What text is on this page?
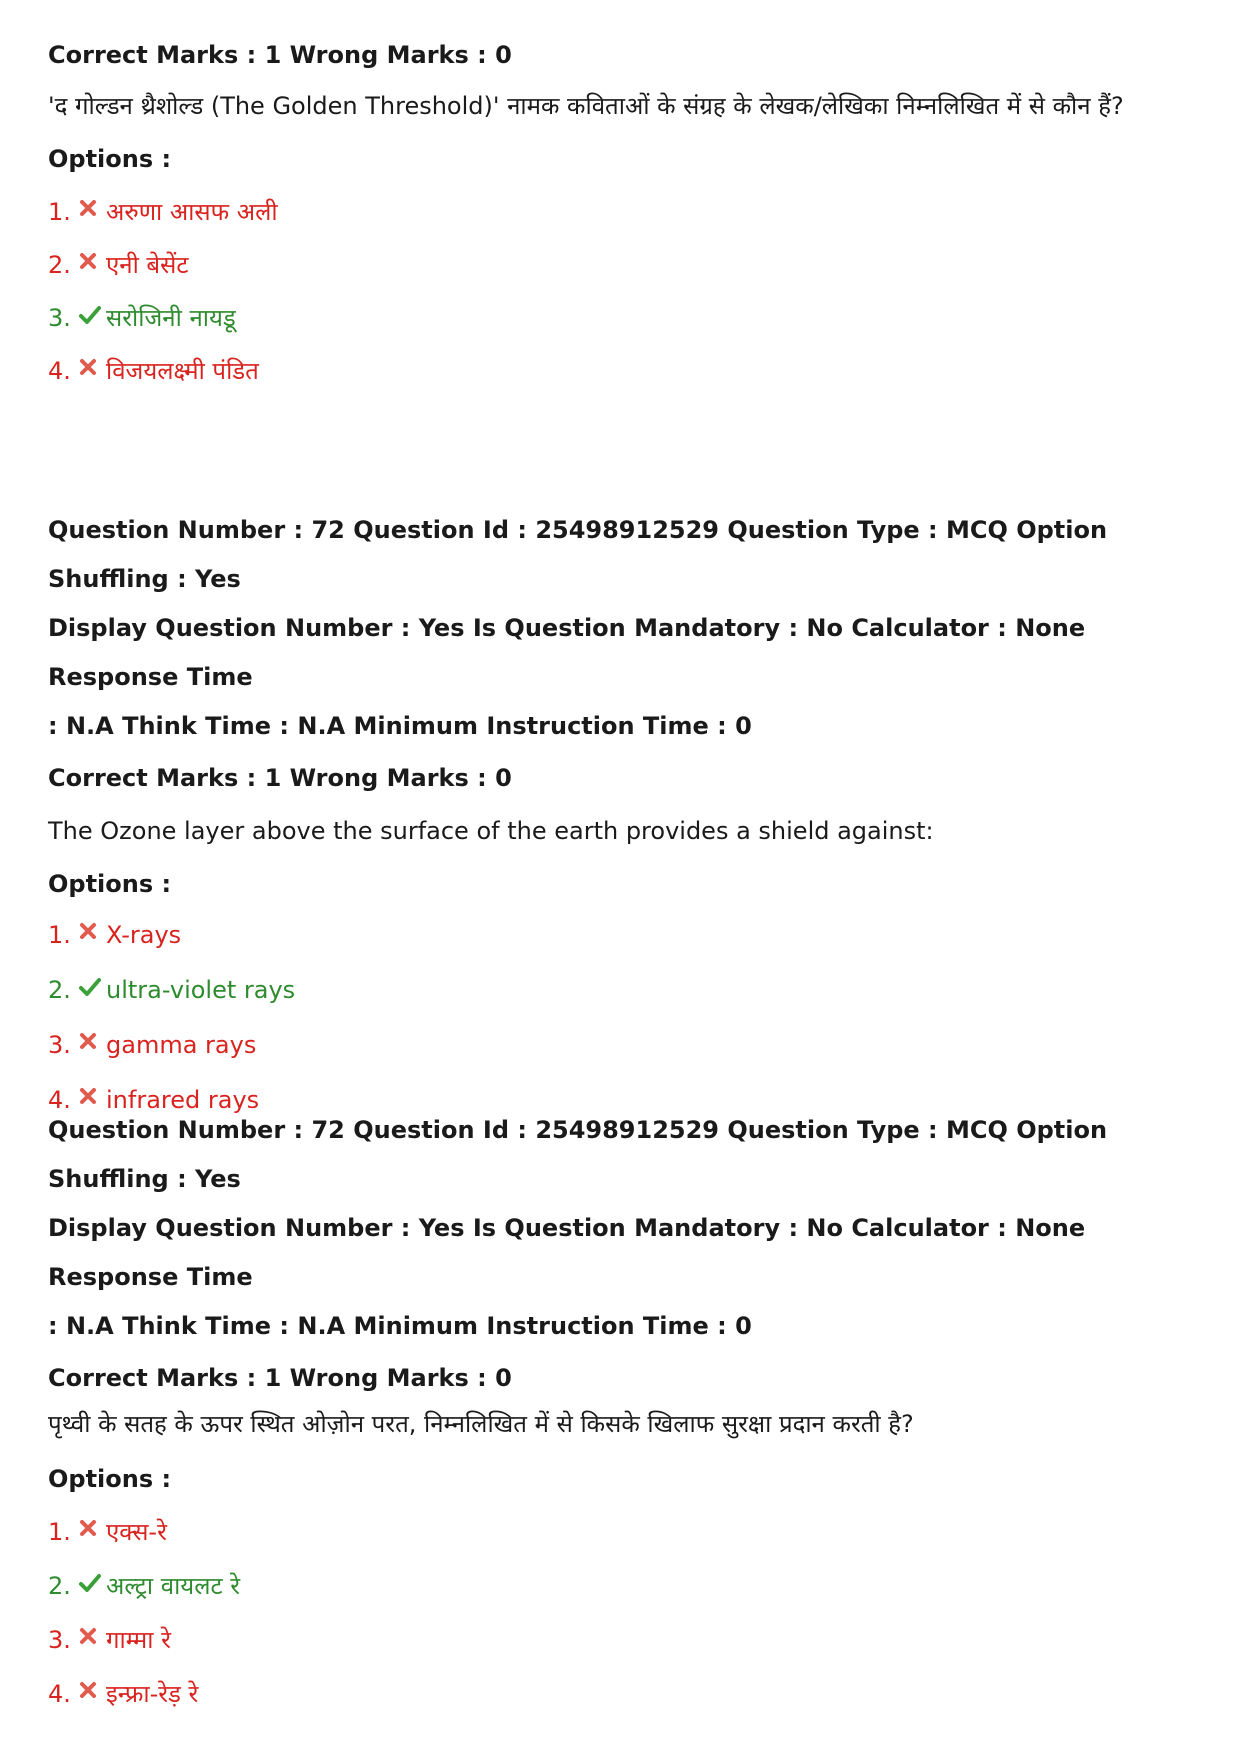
Correct Marks : 1 Wrong Marks : 0

'द गोल्डन थ्रैशोल्ड (The Golden Threshold)' नामक कविताओं के संग्रह के लेखक/लेखिका निम्नलिखित में से कौन हैं?

Options :

1. अरुणा आसफ अली
2. एनी बेसेंट
3. सरोजिनी नायडू
4. विजयलक्ष्मी पंडित

Question Number : 72 Question Id : 25498912529 Question Type : MCQ Option Shuffling : Yes

Display Question Number : Yes Is Question Mandatory : No Calculator : None Response Time

: N.A Think Time : N.A Minimum Instruction Time : 0

Correct Marks : 1 Wrong Marks : 0

The Ozone layer above the surface of the earth provides a shield against:

Options :

1. X-rays
2. ultra-violet rays
3. gamma rays
4. infrared rays

Question Number : 72 Question Id : 25498912529 Question Type : MCQ Option Shuffling : Yes

Display Question Number : Yes Is Question Mandatory : No Calculator : None Response Time

: N.A Think Time : N.A Minimum Instruction Time : 0

Correct Marks : 1 Wrong Marks : 0

पृथ्वी के सतह के ऊपर स्थित ओज़ोन परत, निम्नलिखित में से किसके खिलाफ सुरक्षा प्रदान करती है?

Options :

1. एक्स-रे
2. अल्ट्रा वायलट रे
3. गाम्मा रे
4. इन्फ्रा-रेड़ रे
